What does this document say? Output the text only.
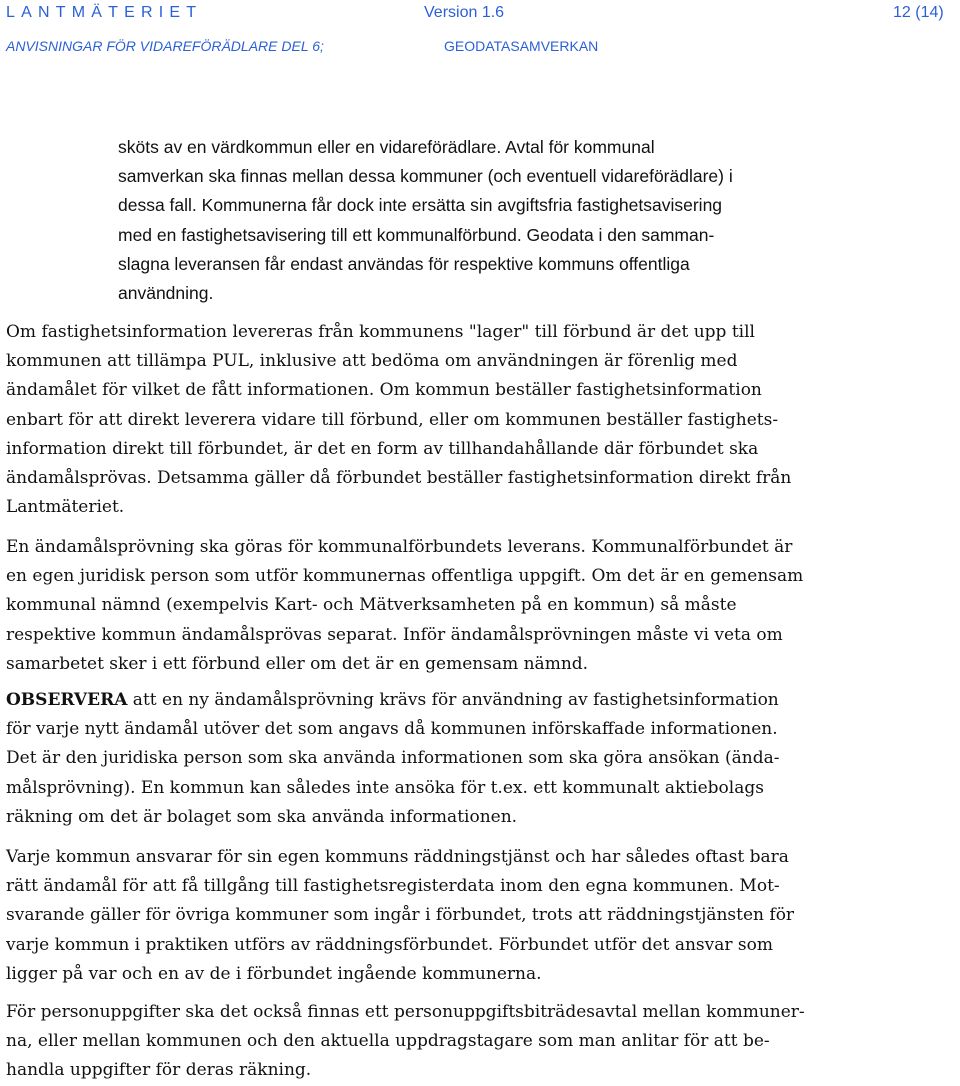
LANTMÄTERIET	Version 1.6	12 (14)
ANVISNINGAR FÖR VIDAREFÖRÄDLARE DEL 6;	GEODATASAMVERKAN
sköts av en värdkommun eller en vidareförädlare. Avtal för kommunal
samverkan ska finnas mellan dessa kommuner (och eventuell vidareförädlare) i
dessa fall. Kommunerna får dock inte ersätta sin avgiftsfria fastighetsavisering
med en fastighetsavisering till ett kommunalförbund. Geodata i den samman-
slagna leveransen får endast användas för respektive kommuns offentliga
användning.
Om fastighetsinformation levereras från kommunens "lager" till förbund är det upp till
kommunen att tillämpa PUL, inklusive att bedöma om användningen är förenlig med
ändamålet för vilket de fått informationen. Om kommun beställer fastighetsinformation
enbart för att direkt leverera vidare till förbund, eller om kommunen beställer fastighets-
information direkt till förbundet, är det en form av tillhandahållande där förbundet ska
ändamålsprövas. Detsamma gäller då förbundet beställer fastighetsinformation direkt från
Lantmäteriet.
En ändamålsprövning ska göras för kommunalförbundets leverans. Kommunalförbundet är
en egen juridisk person som utför kommunernas offentliga uppgift. Om det är en gemensam
kommunal nämnd (exempelvis Kart- och Mätverksamheten på en kommun) så måste
respektive kommun ändamålsprövas separat. Inför ändamålsprövningen måste vi veta om
samarbetet sker i ett förbund eller om det är en gemensam nämnd.
OBSERVERA att en ny ändamålsprövning krävs för användning av fastighetsinformation
för varje nytt ändamål utöver det som angavs då kommunen införskaffade informationen.
Det är den juridiska person som ska använda informationen som ska göra ansökan (ända-
målsprövning). En kommun kan således inte ansöka för t.ex. ett kommunalt aktiebolags
räkning om det är bolaget som ska använda informationen.
Varje kommun ansvarar för sin egen kommuns räddningstjänst och har således oftast bara
rätt ändamål för att få tillgång till fastighetsregisterdata inom den egna kommunen. Mot-
svarande gäller för övriga kommuner som ingår i förbundet, trots att räddningstjänsten för
varje kommun i praktiken utförs av räddningsförbundet. Förbundet utför det ansvar som
ligger på var och en av de i förbundet ingående kommunerna.
För personuppgifter ska det också finnas ett personuppgiftsbiträdesavtal mellan kommuner-
na, eller mellan kommunen och den aktuella uppdragstagare som man anlitar för att be-
handla uppgifter för deras räkning.
